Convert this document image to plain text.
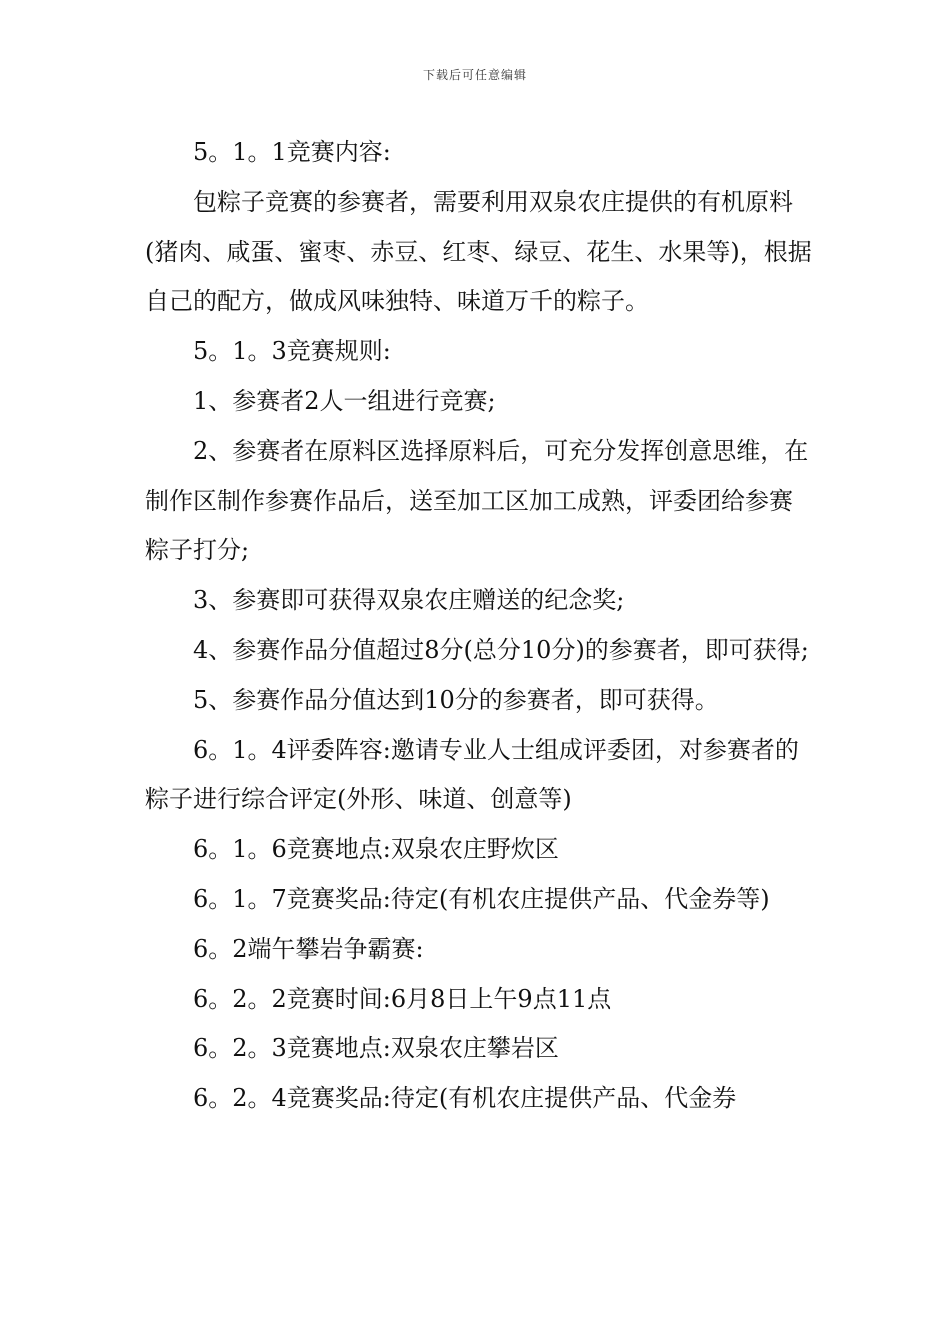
下载后可任意编辑

5。1。1竞赛内容:

包粽子竞赛的参赛者，需要利用双泉农庄提供的有机原料(猪肉、咸蛋、蜜枣、赤豆、红枣、绿豆、花生、水果等)，根据自己的配方，做成风味独特、味道万千的粽子。

5。1。3竞赛规则:

1、参赛者2人一组进行竞赛;

2、参赛者在原料区选择原料后，可充分发挥创意思维，在制作区制作参赛作品后，送至加工区加工成熟，评委团给参赛粽子打分;

3、参赛即可获得双泉农庄赠送的纪念奖;

4、参赛作品分值超过8分(总分10分)的参赛者，即可获得;

5、参赛作品分值达到10分的参赛者，即可获得。

6。1。4评委阵容:邀请专业人士组成评委团，对参赛者的粽子进行综合评定(外形、味道、创意等)

6。1。6竞赛地点:双泉农庄野炊区

6。1。7竞赛奖品:待定(有机农庄提供产品、代金券等)

6。2端午攀岩争霸赛:

6。2。2竞赛时间:6月8日上午9点11点

6。2。3竞赛地点:双泉农庄攀岩区

6。2。4竞赛奖品:待定(有机农庄提供产品、代金券
